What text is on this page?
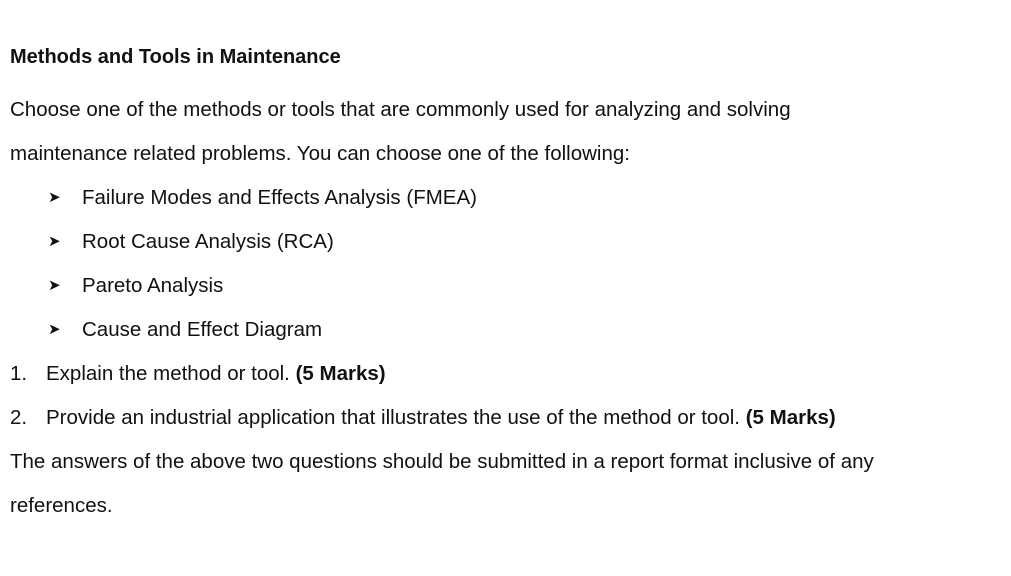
Methods and Tools in Maintenance
Choose one of the methods or tools that are commonly used for analyzing and solving
maintenance related problems. You can choose one of the following:
➤	Failure Modes and Effects Analysis (FMEA)
➤	Root Cause Analysis (RCA)
➤	Pareto Analysis
➤	Cause and Effect Diagram
1. Explain the method or tool. (5 Marks)
2. Provide an industrial application that illustrates the use of the method or tool. (5 Marks)
The answers of the above two questions should be submitted in a report format inclusive of any
references.
